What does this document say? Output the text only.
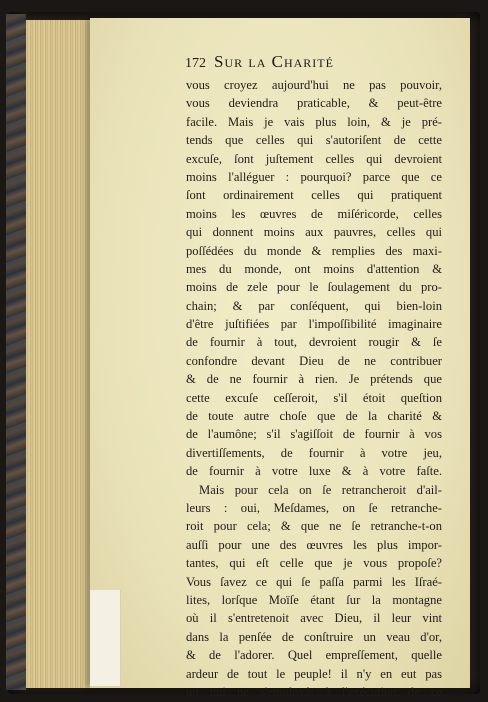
172 Sur la Charité
vous croyez aujourd'hui ne pas pouvoir,
vous deviendra praticable, & peut-être
facile. Mais je vais plus loin, & je pré-
tends que celles qui s'autoriſent de cette
excuſe, ſont juſtement celles qui devroient
moins l'alléguer : pourquoi? parce que ce
ſont ordinairement celles qui pratiquent
moins les œuvres de miſéricorde, celles
qui donnent moins aux pauvres, celles qui
poſſédées du monde & remplies des maxi-
mes du monde, ont moins d'attention &
moins de zele pour le ſoulagement du pro-
chain; & par conſéquent, qui bien-loin
d'être juſtifiées par l'impoſſibilité imaginaire
de fournir à tout, devroient rougir & ſe
confondre devant Dieu de ne contribuer
& de ne fournir à rien. Je prétends que
cette excuſe ceſſeroit, s'il étoit queſtion
de toute autre choſe que de la charité &
de l'aumône; s'il s'agiſſoit de fournir à vos
divertiſſements, de fournir à votre jeu,
de fournir à votre luxe & à votre faſte.
Mais pour cela on ſe retrancheroit d'ail-
leurs : oui, Meſdames, on ſe retranche-
roit pour cela; & que ne ſe retranche-t-on
auſſi pour une des œuvres les plus impor-
tantes, qui eſt celle que je vous propoſe?
Vous ſavez ce qui ſe paſſa parmi les Iſraé-
lites, lorſque Moïſe étant ſur la montagne
où il s'entretenoit avec Dieu, il leur vint
dans la penſée de conſtruire un veau d'or,
& de l'adorer. Quel empreſſement, quelle
ardeur de tout le peuple! il n'y en eut pas
un qui ne s'employât à l'exécution de ce
